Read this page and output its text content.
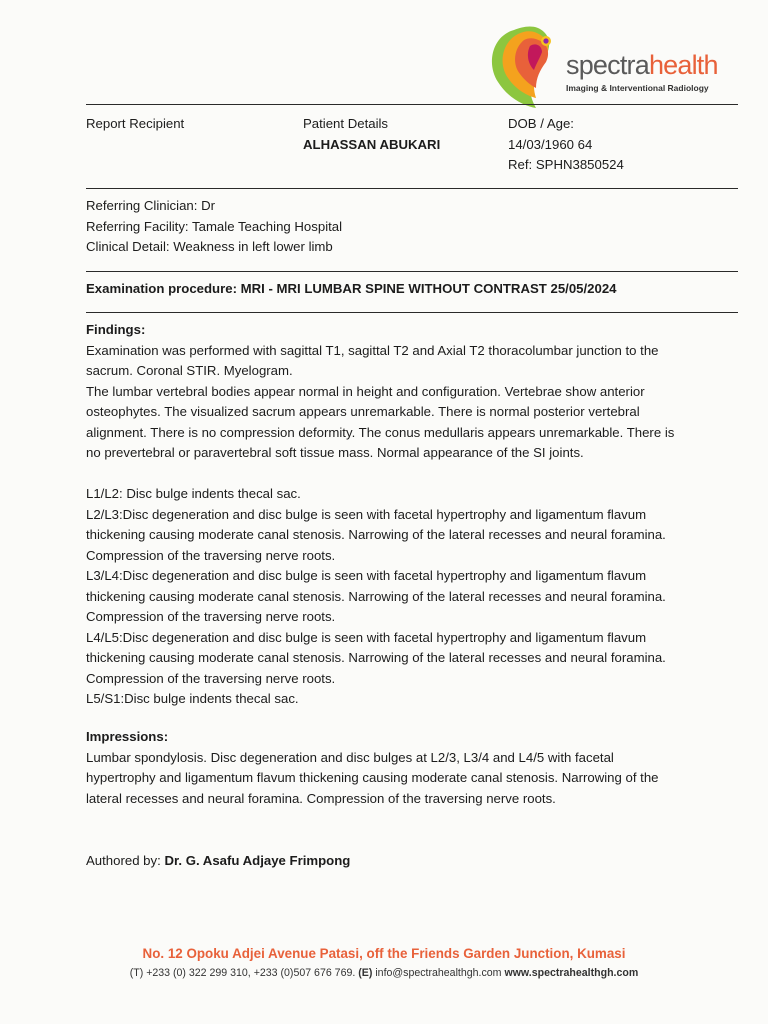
spectrahealth
Imaging & Interventional Radiology
Report Recipient	Patient Details
ALHASSAN ABUKARI
DOB / Age:
14/03/1960 64
Ref: SPHN3850524
Referring Clinician: Dr
Referring Facility: Tamale Teaching Hospital
Clinical Detail: Weakness in left lower limb
Examination procedure: MRI - MRI LUMBAR SPINE WITHOUT CONTRAST 25/05/2024
Findings:
Examination was performed with sagittal T1, sagittal T2 and Axial T2 thoracolumbar junction to the
sacrum. Coronal STIR. Myelogram.
The lumbar vertebral bodies appear normal in height and configuration. Vertebrae show anterior
osteophytes. The visualized sacrum appears unremarkable. There is normal posterior vertebral
alignment. There is no compression deformity. The conus medullaris appears unremarkable. There is
no prevertebral or paravertebral soft tissue mass. Normal appearance of the SI joints.
L1/L2: Disc bulge indents thecal sac.
L2/L3:Disc degeneration and disc bulge is seen with facetal hypertrophy and ligamentum flavum
thickening causing moderate canal stenosis. Narrowing of the lateral recesses and neural foramina.
Compression of the traversing nerve roots.
L3/L4:Disc degeneration and disc bulge is seen with facetal hypertrophy and ligamentum flavum
thickening causing moderate canal stenosis. Narrowing of the lateral recesses and neural foramina.
Compression of the traversing nerve roots.
L4/L5:Disc degeneration and disc bulge is seen with facetal hypertrophy and ligamentum flavum
thickening causing moderate canal stenosis. Narrowing of the lateral recesses and neural foramina.
Compression of the traversing nerve roots.
L5/S1:Disc bulge indents thecal sac.
Impressions:
Lumbar spondylosis. Disc degeneration and disc bulges at L2/3, L3/4 and L4/5 with facetal
hypertrophy and ligamentum flavum thickening causing moderate canal stenosis. Narrowing of the
lateral recesses and neural foramina. Compression of the traversing nerve roots.
Authored by: Dr. G. Asafu Adjaye Frimpong
No. 12 Opoku Adjei Avenue Patasi, off the Friends Garden Junction, Kumasi
(T) +233 (0) 322 299 310, +233 (0)507 676 769. (E) info@spectrahealthgh.com www.spectrahealthgh.com
